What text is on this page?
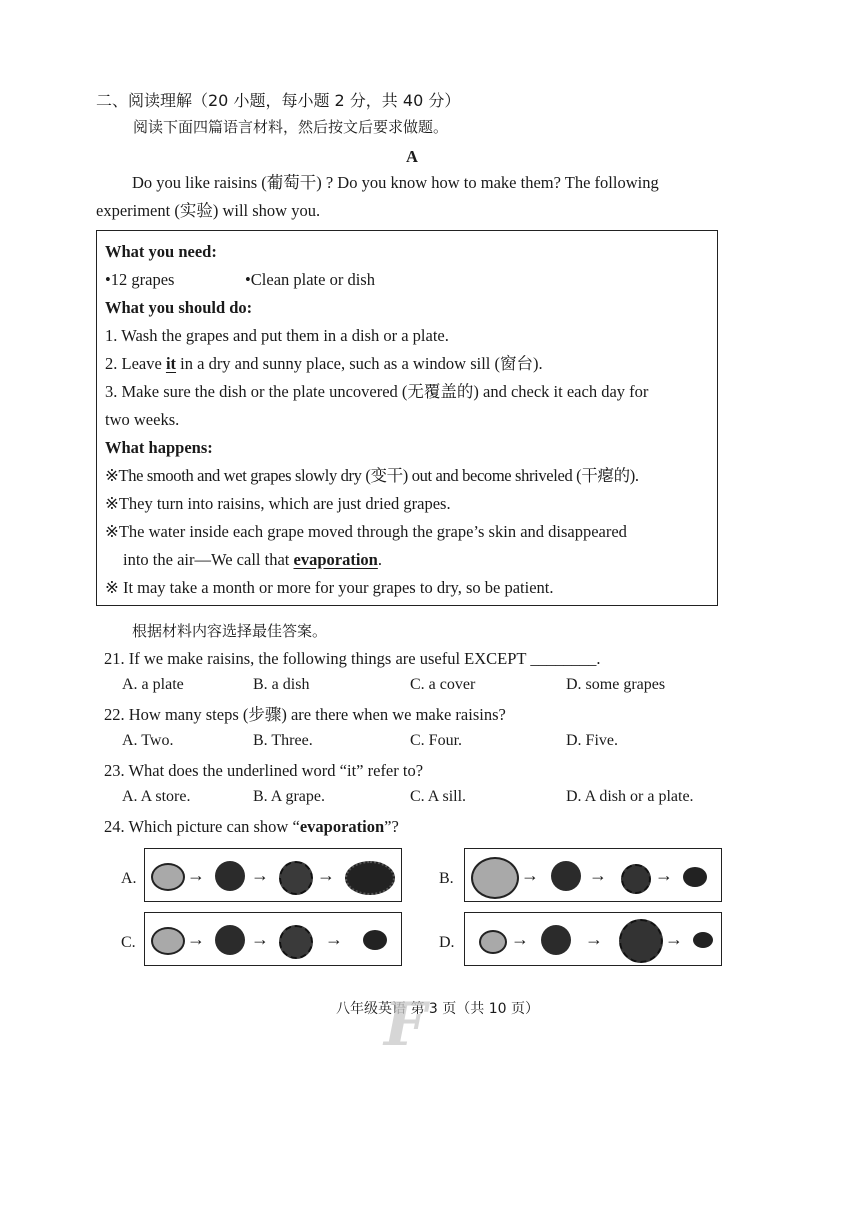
二、阅读理解（20 小题，每小题 2 分，共 40 分）
阅读下面四篇语言材料，然后按文后要求做题。
A
Do you like raisins (葡萄干) ? Do you know how to make them? The following
experiment (实验) will show you.
What you need:
•12 grapes	•Clean plate or dish
What you should do:
1. Wash the grapes and put them in a dish or a plate.
2. Leave it in a dry and sunny place, such as a window sill (窗台).
3. Make sure the dish or the plate uncovered (无覆盖的) and check it each day for
two weeks.
What happens:
※The smooth and wet grapes slowly dry (变干) out and become shriveled (干瘪的).
※They turn into raisins, which are just dried grapes.
※The water inside each grape moved through the grape’s skin and disappeared
into the air—We call that evaporation.
※ It may take a month or more for your grapes to dry, so be patient.
根据材料内容选择最佳答案。
21. If we make raisins, the following things are useful EXCEPT ________.
A. a plate	B. a dish	C. a cover	D. some grapes
22. How many steps (步骤) are there when we make raisins?
A. Two.	B. Three.	C. Four.	D. Five.
23. What does the underlined word “it” refer to?
A. A store.	B. A grape.	C. A sill.	D. A dish or a plate.
24. Which picture can show “evaporation”?
A.	→	→	→	B.	→	→	→
C.	→	→	→	D.	→	→	→
八年级英语 第 3 页（共 10 页）
F
